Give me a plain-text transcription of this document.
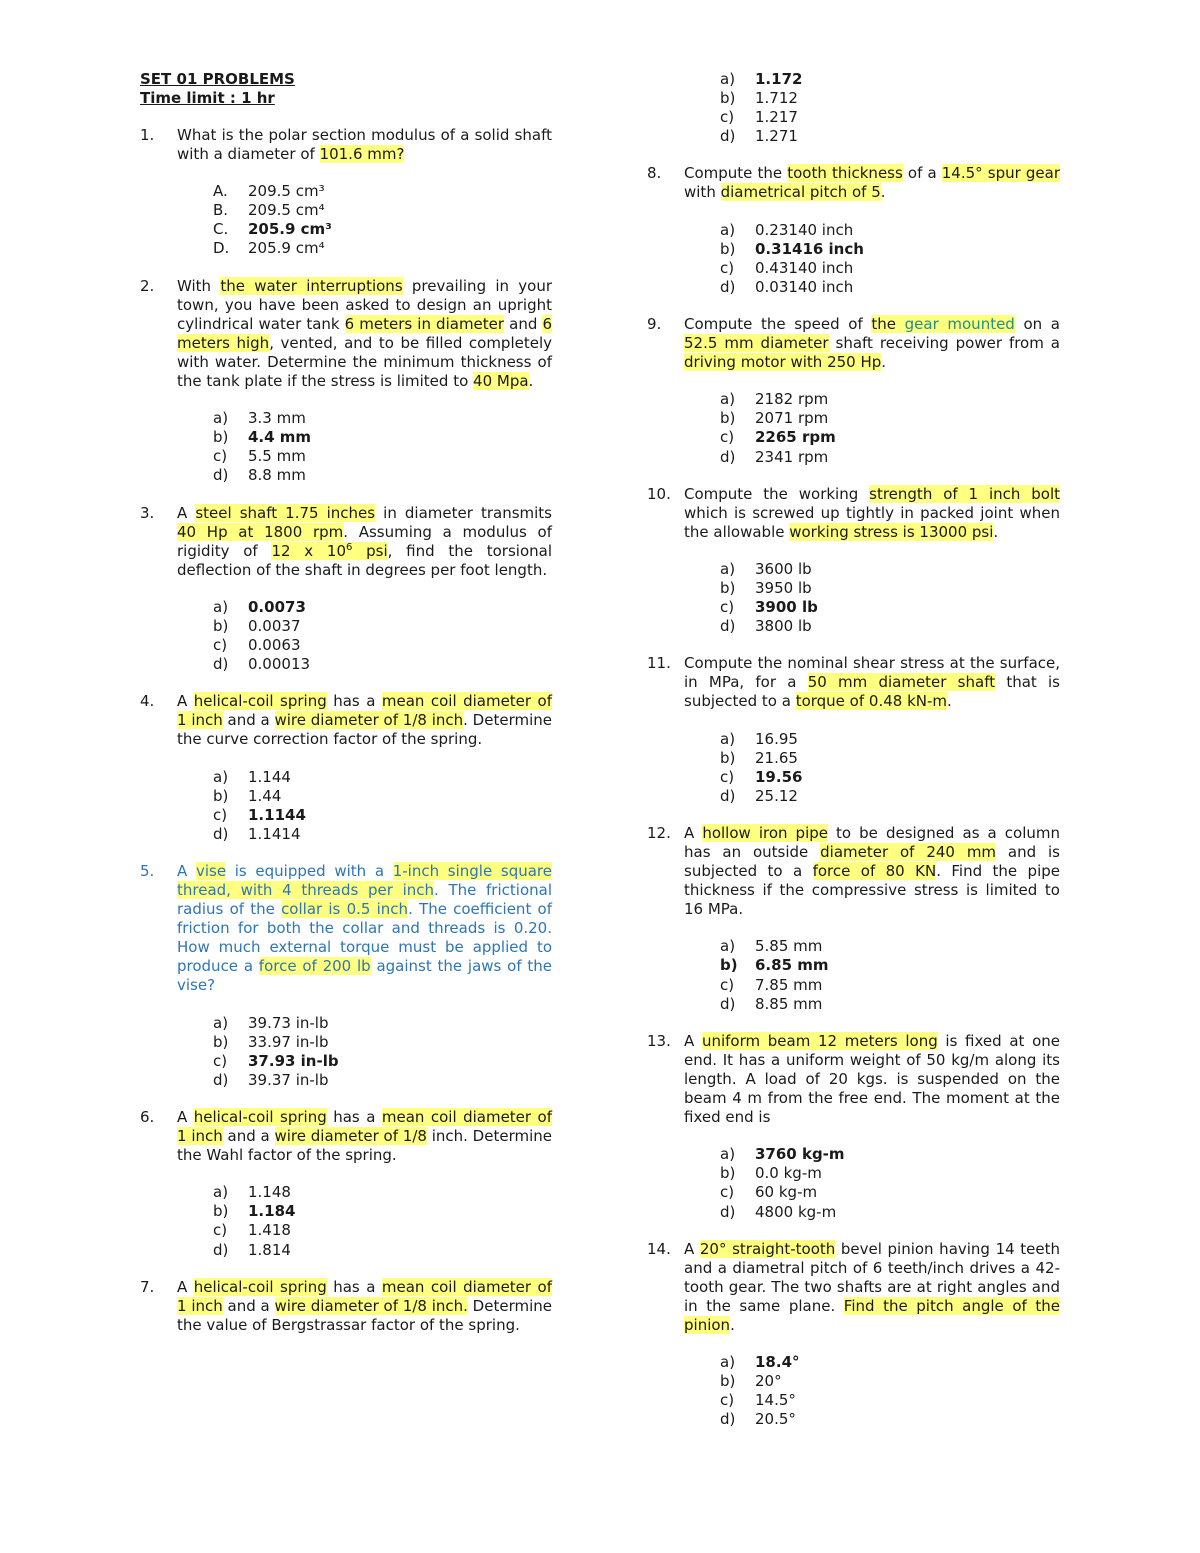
SET 01 PROBLEMS
Time limit : 1 hr
1.	What is the polar section modulus of a solid shaft with a diameter of 101.6 mm?
A.	209.5 cm³
B.	209.5 cm⁴
C.	205.9 cm³
D.	205.9 cm⁴
2.	With the water interruptions prevailing in your town, you have been asked to design an upright cylindrical water tank 6 meters in diameter and 6 meters high, vented, and to be filled completely with water. Determine the minimum thickness of the tank plate if the stress is limited to 40 Mpa.
a)	3.3 mm
b)	4.4 mm
c)	5.5 mm
d)	8.8 mm
3.	A steel shaft 1.75 inches in diameter transmits 40 Hp at 1800 rpm. Assuming a modulus of rigidity of 12 x $10^6$ psi, find the torsional deflection of the shaft in degrees per foot length.
a)	0.0073
b)	0.0037
c)	0.0063
d)	0.00013
4.	A helical-coil spring has a mean coil diameter of 1 inch and a wire diameter of 1/8 inch. Determine the curve correction factor of the spring.
a)	1.144
b)	1.44
c)	1.1144
d)	1.1414
5.	A vise is equipped with a 1-inch single square thread, with 4 threads per inch. The frictional radius of the collar is 0.5 inch. The coefficient of friction for both the collar and threads is 0.20. How much external torque must be applied to produce a force of 200 lb against the jaws of the vise?
a)	39.73 in-lb
b)	33.97 in-lb
c)	37.93 in-lb
d)	39.37 in-lb
6.	A helical-coil spring has a mean coil diameter of 1 inch and a wire diameter of 1/8 inch. Determine the Wahl factor of the spring.
a)	1.148
b)	1.184
c)	1.418
d)	1.814
7.	A helical-coil spring has a mean coil diameter of 1 inch and a wire diameter of 1/8 inch. Determine the value of Bergstrassar factor of the spring.
a)	1.172
b)	1.712
c)	1.217
d)	1.271
8.	Compute the tooth thickness of a 14.5° spur gear with diametrical pitch of 5.
a)	0.23140 inch
b)	0.31416 inch
c)	0.43140 inch
d)	0.03140 inch
9.	Compute the speed of the gear mounted on a 52.5 mm diameter shaft receiving power from a driving motor with 250 Hp.
a)	2182 rpm
b)	2071 rpm
c)	2265 rpm
d)	2341 rpm
10. Compute the working strength of 1 inch bolt which is screwed up tightly in packed joint when the allowable working stress is 13000 psi.
a)	3600 lb
b)	3950 lb
c)	3900 lb
d)	3800 lb
11. Compute the nominal shear stress at the surface, in MPa, for a 50 mm diameter shaft that is subjected to a torque of 0.48 kN-m.
a)	16.95
b)	21.65
c)	19.56
d)	25.12
12. A hollow iron pipe to be designed as a column has an outside diameter of 240 mm and is subjected to a force of 80 KN. Find the pipe thickness if the compressive stress is limited to 16 MPa.
a)	5.85 mm
b)	6.85 mm
c)	7.85 mm
d)	8.85 mm
13. A uniform beam 12 meters long is fixed at one end. It has a uniform weight of 50 kg/m along its length. A load of 20 kgs. is suspended on the beam 4 m from the free end. The moment at the fixed end is
a)	3760 kg-m
b)	0.0 kg-m
c)	60 kg-m
d)	4800 kg-m
14. A 20° straight-tooth bevel pinion having 14 teeth and a diametral pitch of 6 teeth/inch drives a 42-tooth gear. The two shafts are at right angles and in the same plane. Find the pitch angle of the pinion.
a)	18.4°
b)	20°
c)	14.5°
d)	20.5°
